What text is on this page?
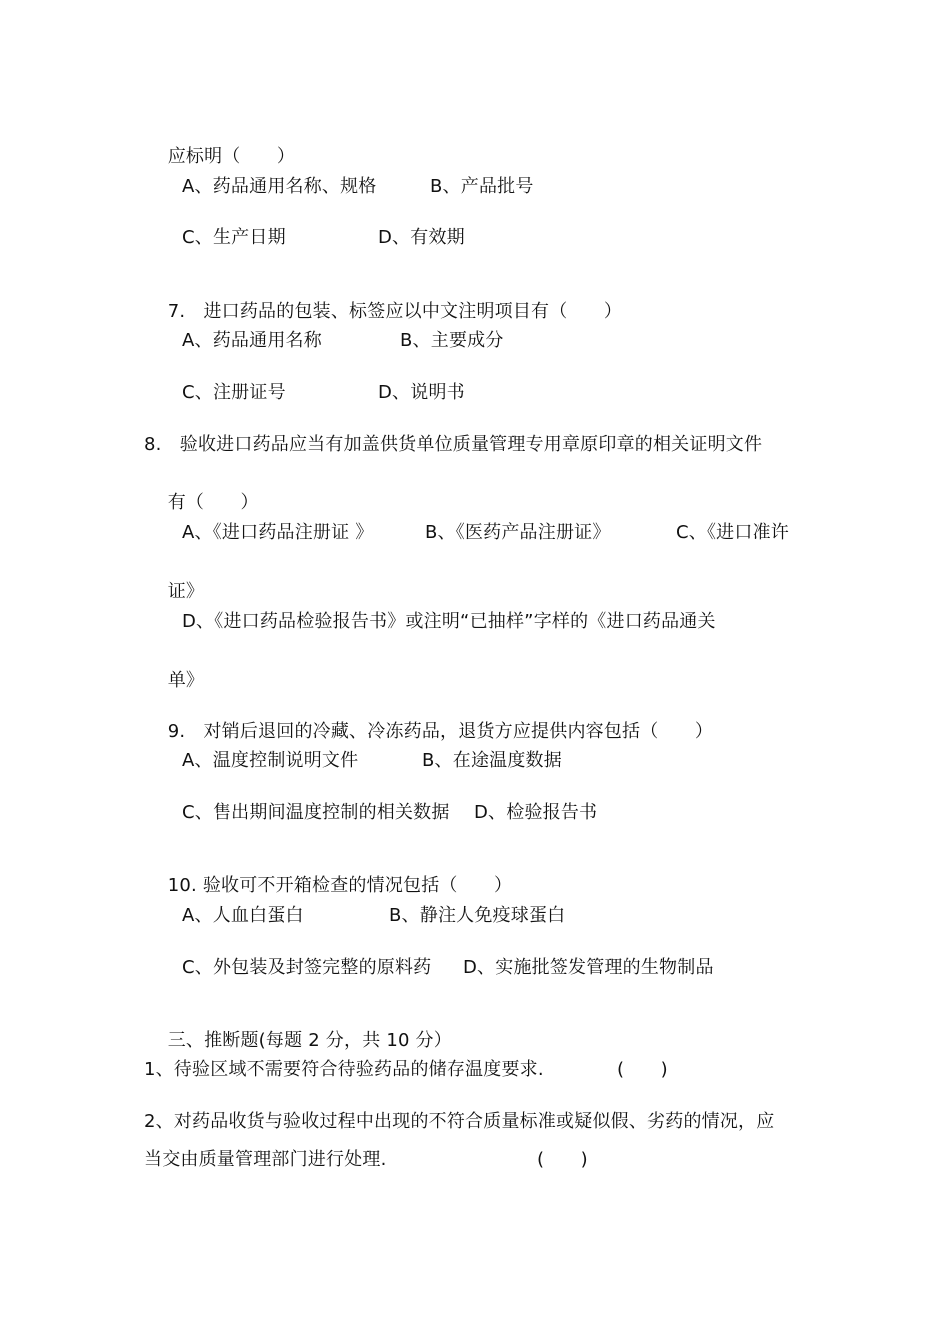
应标明（　　）

A、药品通用名称、规格

	B、产品批号

C、生产日期

	D、有效期

7.　进口药品的包装、标签应以中文注明项目有（　　）

A、药品通用名称

	B、主要成分

C、注册证号

	D、说明书

8.　验收进口药品应当有加盖供货单位质量管理专用章原印章的相关证明文件

有（　　）

A、《进口药品注册证 》

	B、《医药产品注册证》

	C、《进口准许

证》

D、《进口药品检验报告书》或注明“已抽样”字样的《进口药品通关

单》

9.　对销后退回的冷藏、冷冻药品，退货方应提供内容包括（　　）

A、温度控制说明文件

	B、在途温度数据

C、售出期间温度控制的相关数据

D、检验报告书

10. 验收可不开箱检查的情况包括（　　）

A、人血白蛋白

	B、静注人免疫球蛋白

C、外包装及封签完整的原料药

D、实施批签发管理的生物制品

三、推断题(每题 2 分，共 10 分）

1、待验区域不需要符合待验药品的储存温度要求.

	(　　)

2、对药品收货与验收过程中出现的不符合质量标准或疑似假、劣药的情况，应

当交由质量管理部门进行处理.

	(　　)
